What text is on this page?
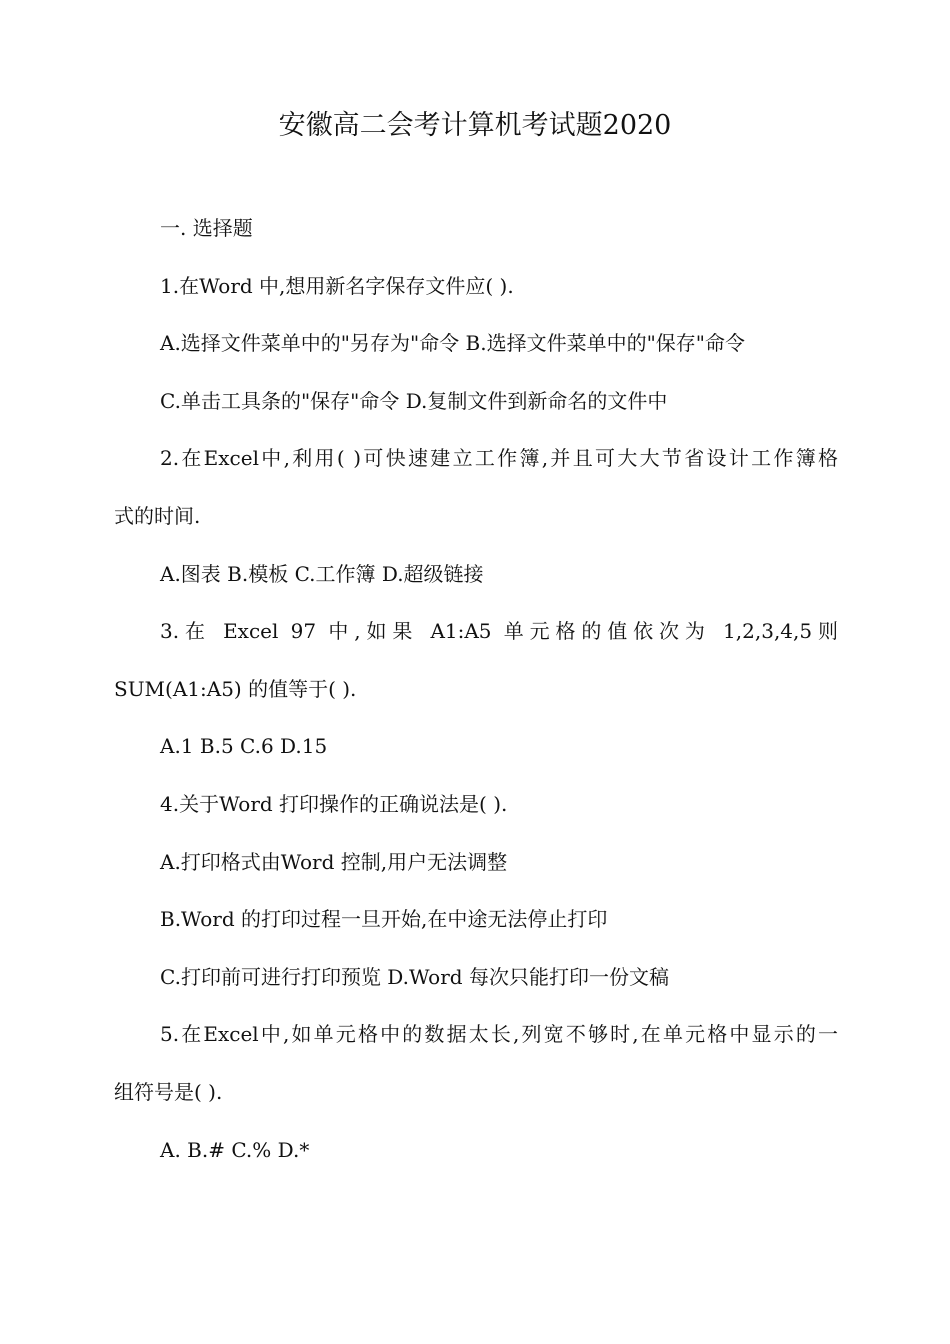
安徽高二会考计算机考试题2020

一. 选择题

1.在Word 中,想用新名字保存文件应( ).

A.选择文件菜单中的"另存为"命令 B.选择文件菜单中的"保存"命令

C.单击工具条的"保存"命令 D.复制文件到新命名的文件中

2.在Excel中,利用( )可快速建立工作簿,并且可大大节省设计工作簿格

式的时间.

A.图表 B.模板 C.工作簿 D.超级链接

3.在 Excel 97 中,如果 A1:A5 单元格的值依次为 1,2,3,4,5则

SUM(A1:A5) 的值等于( ).

A.1 B.5 C.6 D.15

4.关于Word 打印操作的正确说法是( ).

A.打印格式由Word 控制,用户无法调整

B.Word 的打印过程一旦开始,在中途无法停止打印

C.打印前可进行打印预览 D.Word 每次只能打印一份文稿

5.在Excel中,如单元格中的数据太长,列宽不够时,在单元格中显示的一

组符号是( ).

A. B.# C.% D.*
